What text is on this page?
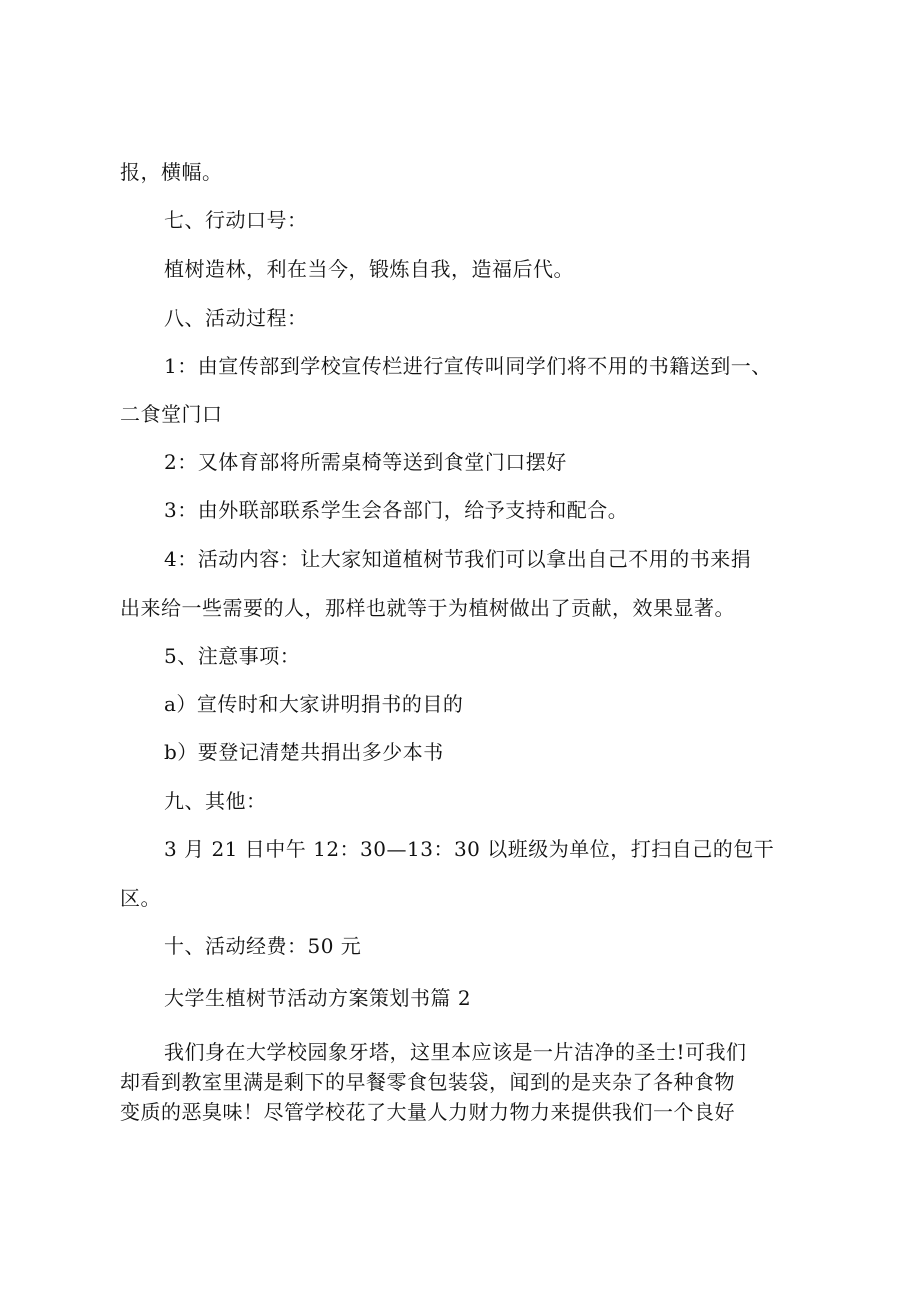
报，横幅。
七、行动口号：
植树造林，利在当今，锻炼自我，造福后代。
八、活动过程：
1：由宣传部到学校宣传栏进行宣传叫同学们将不用的书籍送到一、
二食堂门口
2：又体育部将所需桌椅等送到食堂门口摆好
3：由外联部联系学生会各部门，给予支持和配合。
4：活动内容：让大家知道植树节我们可以拿出自己不用的书来捐
出来给一些需要的人，那样也就等于为植树做出了贡献，效果显著。
5、注意事项：
a）宣传时和大家讲明捐书的目的
b）要登记清楚共捐出多少本书
九、其他：
3 月 21 日中午 12：30—13：30 以班级为单位，打扫自己的包干
区。
十、活动经费：50 元
大学生植树节活动方案策划书篇 2
我们身在大学校园象牙塔，这里本应该是一片洁净的圣士!可我们
却看到教室里满是剩下的早餐零食包装袋，闻到的是夹杂了各种食物
变质的恶臭味！尽管学校花了大量人力财力物力来提供我们一个良好
